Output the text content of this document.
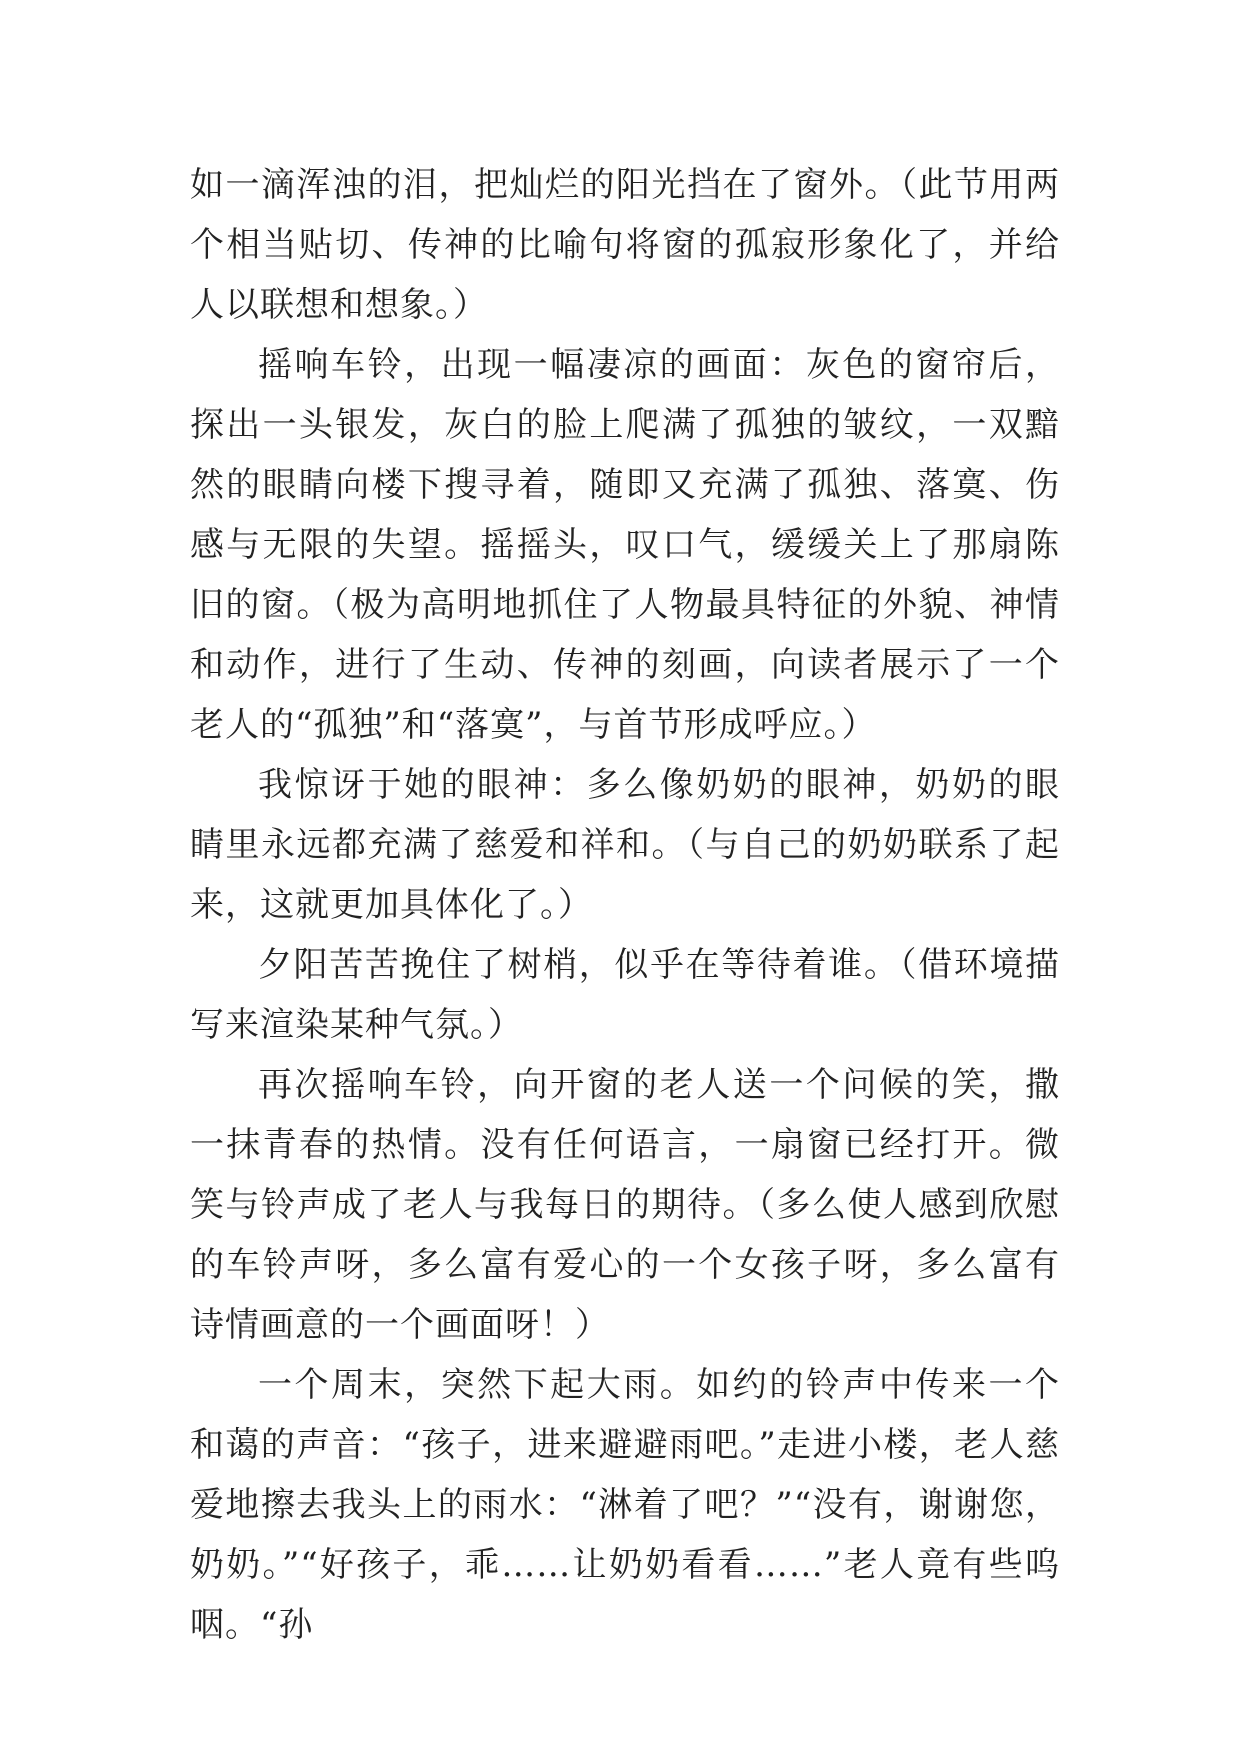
如一滴浑浊的泪，把灿烂的阳光挡在了窗外。（此节用两个相当贴切、传神的比喻句将窗的孤寂形象化了，并给人以联想和想象。）

摇响车铃，出现一幅凄凉的画面：灰色的窗帘后，探出一头银发，灰白的脸上爬满了孤独的皱纹，一双黯然的眼睛向楼下搜寻着，随即又充满了孤独、落寞、伤感与无限的失望。摇摇头，叹口气，缓缓关上了那扇陈旧的窗。（极为高明地抓住了人物最具特征的外貌、神情和动作，进行了生动、传神的刻画，向读者展示了一个老人的“孤独”和“落寞”，与首节形成呼应。）

我惊讶于她的眼神：多么像奶奶的眼神，奶奶的眼睛里永远都充满了慈爱和祥和。（与自己的奶奶联系了起来，这就更加具体化了。）

夕阳苦苦挽住了树梢，似乎在等待着谁。（借环境描写来渲染某种气氛。）

再次摇响车铃，向开窗的老人送一个问候的笑，撒一抹青春的热情。没有任何语言，一扇窗已经打开。微笑与铃声成了老人与我每日的期待。（多么使人感到欣慰的车铃声呀，多么富有爱心的一个女孩子呀，多么富有诗情画意的一个画面呀！）

一个周末，突然下起大雨。如约的铃声中传来一个和蔼的声音：“孩子，进来避避雨吧。”走进小楼，老人慈爱地擦去我头上的雨水：“淋着了吧？”“没有，谢谢您，奶奶。”“好孩子，乖……让奶奶看看……”老人竟有些呜咽。“孙
